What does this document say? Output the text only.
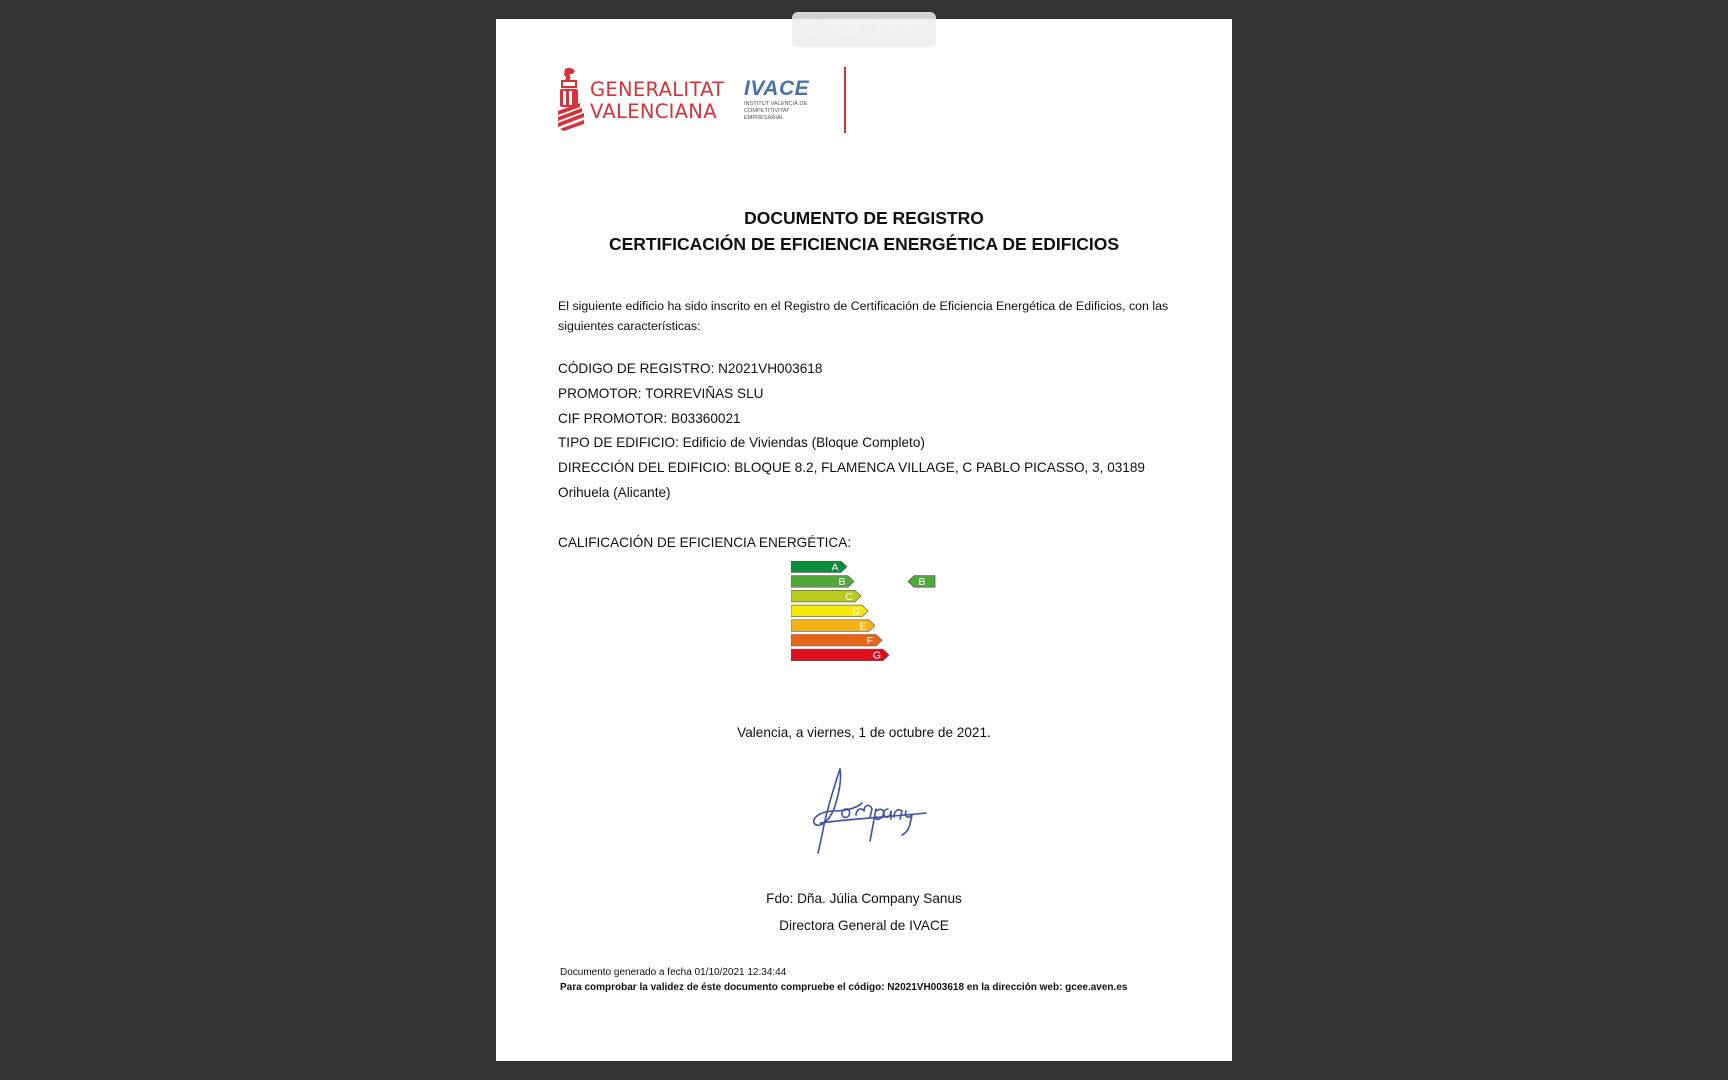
Strona 11 z 12
GENERALITAT
VALENCIANA
IVACE
INSTITUT VALENCIÀ DE
COMPETITIVITAT EMPRESARIAL
DOCUMENTO DE REGISTRO
CERTIFICACIÓN DE EFICIENCIA ENERGÉTICA DE EDIFICIOS
El siguiente edificio ha sido inscrito en el Registro de Certificación de Eficiencia Energética de Edificios, con las siguientes características:
CÓDIGO DE REGISTRO: N2021VH003618
PROMOTOR: TORREVIÑAS SLU
CIF PROMOTOR: B03360021
TIPO DE EDIFICIO: Edificio de Viviendas (Bloque Completo)
DIRECCIÓN DEL EDIFICIO: BLOQUE 8.2, FLAMENCA VILLAGE, C PABLO PICASSO, 3, 03189
Orihuela (Alicante)
CALIFICACIÓN DE EFICIENCIA ENERGÉTICA:
A
B
C
D
E
F
G
B
Valencia, a viernes, 1 de octubre de 2021.
Fdo: Dña. Júlia Company Sanus
Directora General de IVACE
Documento generado a fecha 01/10/2021 12:34:44
Para comprobar la validez de éste documento compruebe el código: N2021VH003618 en la dirección web: gcee.aven.es
